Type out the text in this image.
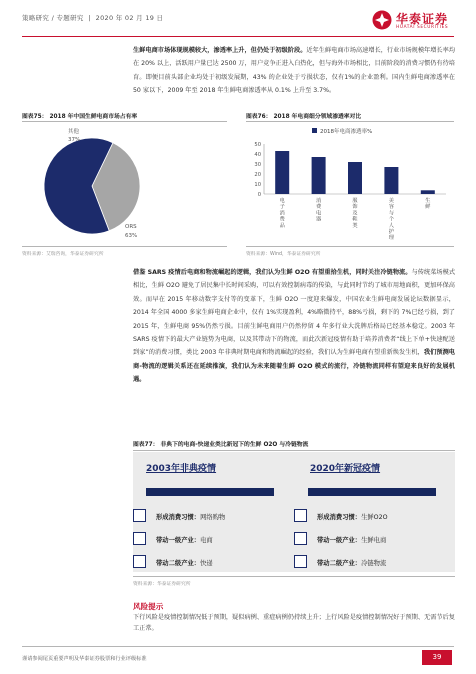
策略研究 / 专题研究  |  2020 年 02 月 19 日	华泰证券
HUATAI SECURITIES
生鲜电商市场体现规模较大，渗透率上升，但仍处于初级阶段。近年生鲜电商市场高速增长，行业市场规模年增长率均在 20% 以上，活跃用户量已达 2500 万，用户竞争正进入白热化，但与海外市场相比，目前阶段的消费习惯仍有待培育。即便目前头部企业均处于初级发展期，43% 的企业处于亏损状态，仅有1%的企业盈利。国内生鲜电商渗透率在 50 家以下，2009 年至 2018 年生鲜电商渗透率从 0.1% 上升至 3.7%。
图表75： 2018 年中国生鲜电商市场占有率
其他
37%
ORS
63%
资料来源：艾瑞咨询，华泰证券研究所
图表76： 2018 年电商细分领域渗透率对比
2018年电商渗透率%
0
10
20
30
40
50
电子消费品
消费电器
服饰及鞋类
美容与个人护理
生鲜
资料来源：Wind，华泰证券研究所
借鉴 SARS 疫情后电商和物流崛起的逻辑，我们认为生鲜 O2O 有望重拾生机，同时关注冷链物流。与传统菜场模式相比，生鲜 O2O 避免了居民集中长时间采购，可以有效控制病毒的传染，与此同时节约了城市用地面积，更加环保高效。而早在 2015 年移动数字支付等的变革下，生鲜 O2O 一度迎来爆发，中国农业生鲜电商发展论坛数据显示，2014 年全国 4000 多家生鲜电商企业中，仅有 1%实现盈利，4%略微持平，88%亏损，剩下的 7%已经亏损，到了 2015 年，生鲜电商 95%仍然亏损。目前生鲜电商用户仍然停留 4 年多行业大洗牌后格局已经基本稳定。2003 年 SARS 疫情下的最大产业链势为电商，以及其带动下的物流，而此次新冠疫情有助于培养消费者“线上下单+快速配送到家”的消费习惯，类比 2003 年非典时期电商和物流崛起的经验，我们认为生鲜电商有望重新焕发生机，我们预测电商-物流的逻辑关系还在延续推演，我们认为未来随着生鲜 O2O 模式的流行，冷链物流同样有望迎来良好的发展机遇。
图表77： 非典下的电商-快递业类比新冠下的生鲜 O2O 与冷链物流
2003年非典疫情	2020年新冠疫情
形成消费习惯：网络购物	形成消费习惯：生鲜O2O
带动一级产业：电商	带动一级产业：生鲜电商
带动二级产业：快递	带动二级产业：冷链物流
资料来源：华泰证券研究所
风险提示
下行风险是疫情控制情况低于预期，疑似病例、重症病例仍持续上升；上行风险是疫情控制情况好于预期、无需节后复工正常。
谨请参阅尾页重要声明及华泰证券股票和行业评级标准	39
